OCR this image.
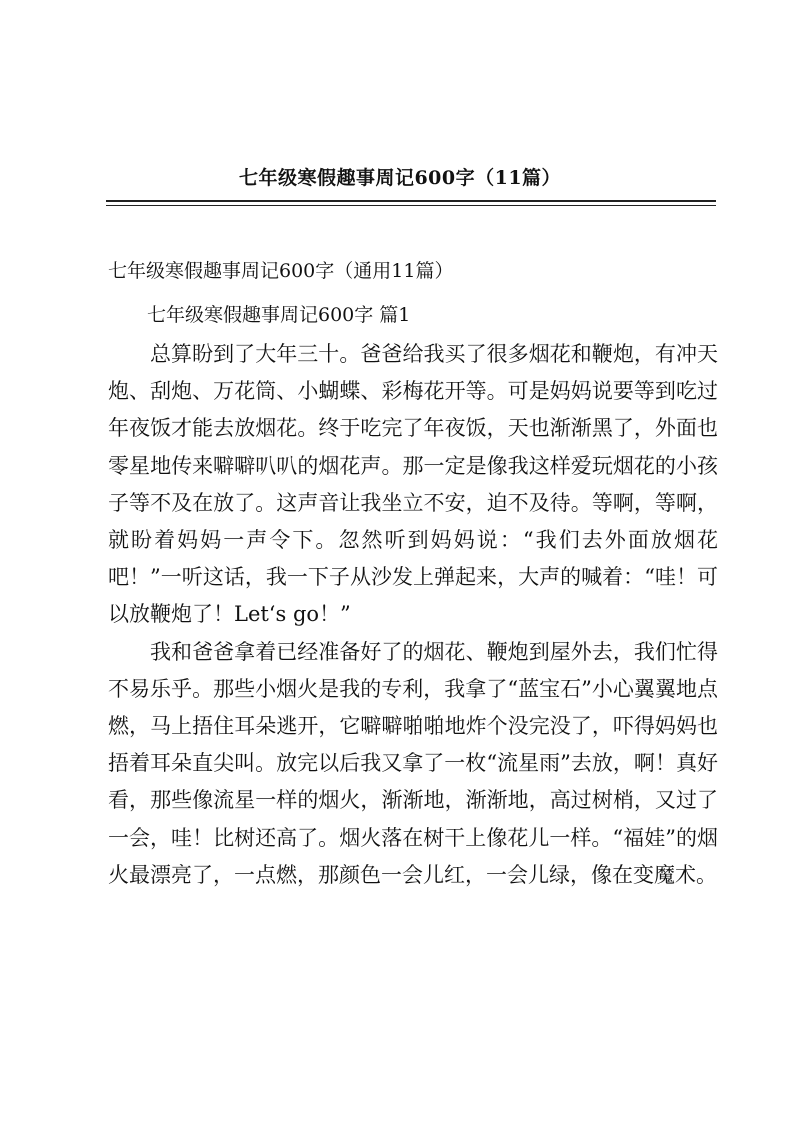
七年级寒假趣事周记600字（11篇）
七年级寒假趣事周记600字（通用11篇）
七年级寒假趣事周记600字 篇1

总算盼到了大年三十。爸爸给我买了很多烟花和鞭炮，有冲天炮、刮炮、万花筒、小蝴蝶、彩梅花开等。可是妈妈说要等到吃过年夜饭才能去放烟花。终于吃完了年夜饭，天也渐渐黑了，外面也零星地传来噼噼叭叭的烟花声。那一定是像我这样爱玩烟花的小孩子等不及在放了。这声音让我坐立不安，迫不及待。等啊，等啊，就盼着妈妈一声令下。忽然听到妈妈说：“我们去外面放烟花吧！”一听这话，我一下子从沙发上弹起来，大声的喊着：“哇！可以放鞭炮了！Let‘s go！”

我和爸爸拿着已经准备好了的烟花、鞭炮到屋外去，我们忙得不易乐乎。那些小烟火是我的专利，我拿了“蓝宝石”小心翼翼地点燃，马上捂住耳朵逃开，它噼噼啪啪地炸个没完没了，吓得妈妈也捂着耳朵直尖叫。放完以后我又拿了一枚“流星雨”去放，啊！真好看，那些像流星一样的烟火，渐渐地，渐渐地，高过树梢，又过了一会，哇！比树还高了。烟火落在树干上像花儿一样。“福娃”的烟火最漂亮了，一点燃，那颜色一会儿红，一会儿绿，像在变魔术。
